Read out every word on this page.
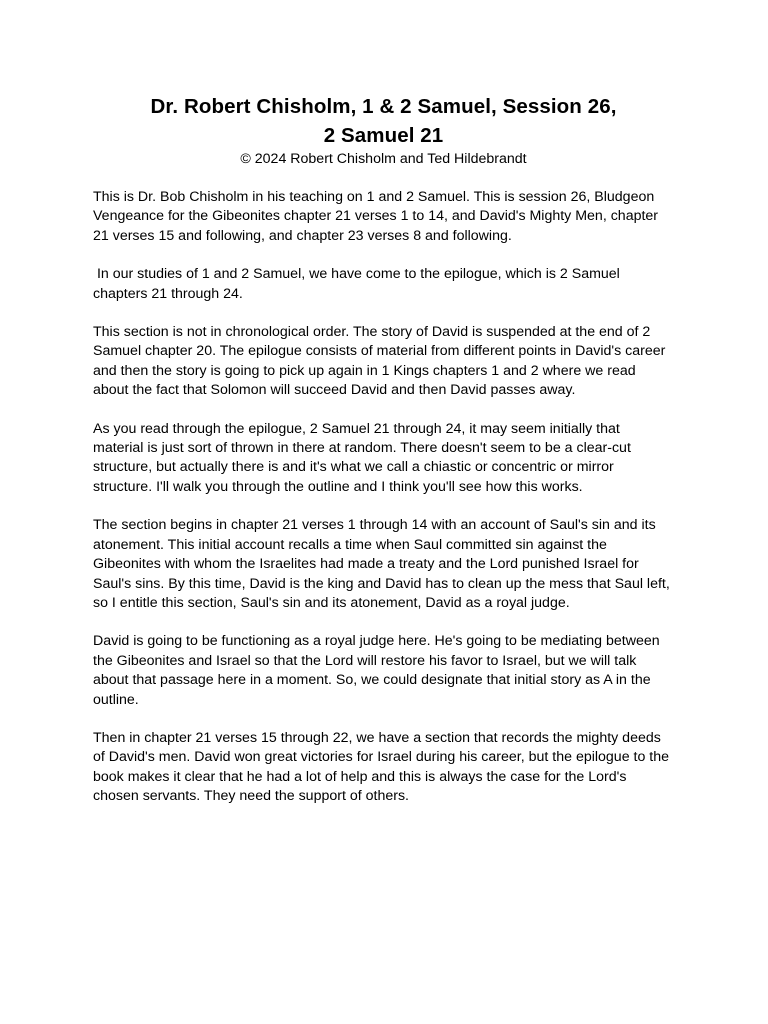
Dr. Robert Chisholm, 1 & 2 Samuel, Session 26,
2 Samuel 21

© 2024 Robert Chisholm and Ted Hildebrandt

This is Dr. Bob Chisholm in his teaching on 1 and 2 Samuel. This is session 26, Bludgeon Vengeance for the Gibeonites chapter 21 verses 1 to 14, and David's Mighty Men, chapter 21 verses 15 and following, and chapter 23 verses 8 and following.

In our studies of 1 and 2 Samuel, we have come to the epilogue, which is 2 Samuel chapters 21 through 24.

This section is not in chronological order. The story of David is suspended at the end of 2 Samuel chapter 20. The epilogue consists of material from different points in David's career and then the story is going to pick up again in 1 Kings chapters 1 and 2 where we read about the fact that Solomon will succeed David and then David passes away.

As you read through the epilogue, 2 Samuel 21 through 24, it may seem initially that material is just sort of thrown in there at random. There doesn't seem to be a clear-cut structure, but actually there is and it's what we call a chiastic or concentric or mirror structure. I'll walk you through the outline and I think you'll see how this works.

The section begins in chapter 21 verses 1 through 14 with an account of Saul's sin and its atonement. This initial account recalls a time when Saul committed sin against the Gibeonites with whom the Israelites had made a treaty and the Lord punished Israel for Saul's sins. By this time, David is the king and David has to clean up the mess that Saul left, so I entitle this section, Saul's sin and its atonement, David as a royal judge.

David is going to be functioning as a royal judge here. He's going to be mediating between the Gibeonites and Israel so that the Lord will restore his favor to Israel, but we will talk about that passage here in a moment. So, we could designate that initial story as A in the outline.

Then in chapter 21 verses 15 through 22, we have a section that records the mighty deeds of David's men. David won great victories for Israel during his career, but the epilogue to the book makes it clear that he had a lot of help and this is always the case for the Lord's chosen servants. They need the support of others.
